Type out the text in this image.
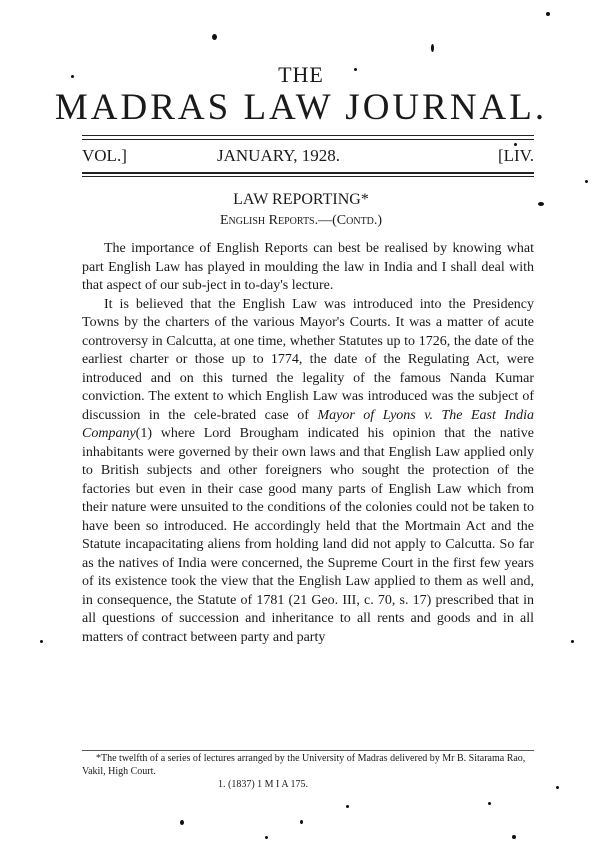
THE
MADRAS LAW JOURNAL.
VOL.]	JANUARY, 1928.	[LIV.
LAW REPORTING*
English Reports.—(Contd.)

The importance of English Reports can best be realised by knowing what part English Law has played in moulding the law in India and I shall deal with that aspect of our sub-ject in to-day's lecture.

It is believed that the English Law was introduced into the Presidency Towns by the charters of the various Mayor's Courts. It was a matter of acute controversy in Calcutta, at one time, whether Statutes up to 1726, the date of the earliest charter or those up to 1774, the date of the Regulating Act, were introduced and on this turned the legality of the famous Nanda Kumar conviction. The extent to which English Law was introduced was the subject of discussion in the cele-brated case of Mayor of Lyons v. The East India Company(1) where Lord Brougham indicated his opinion that the native inhabitants were governed by their own laws and that English Law applied only to British subjects and other foreigners who sought the protection of the factories but even in their case good many parts of English Law which from their nature were unsuited to the conditions of the colonies could not be taken to have been so introduced. He accordingly held that the Mortmain Act and the Statute incapacitating aliens from holding land did not apply to Calcutta. So far as the natives of India were concerned, the Supreme Court in the first few years of its existence took the view that the English Law applied to them as well and, in consequence, the Statute of 1781 (21 Geo. III, c. 70, s. 17) prescribed that in all questions of succession and inheritance to all rents and goods and in all matters of contract between party and party

*The twelfth of a series of lectures arranged by the University of Madras delivered by Mr B. Sitarama Rao, Vakil, High Court.

1. (1837) 1 M I A 175.
